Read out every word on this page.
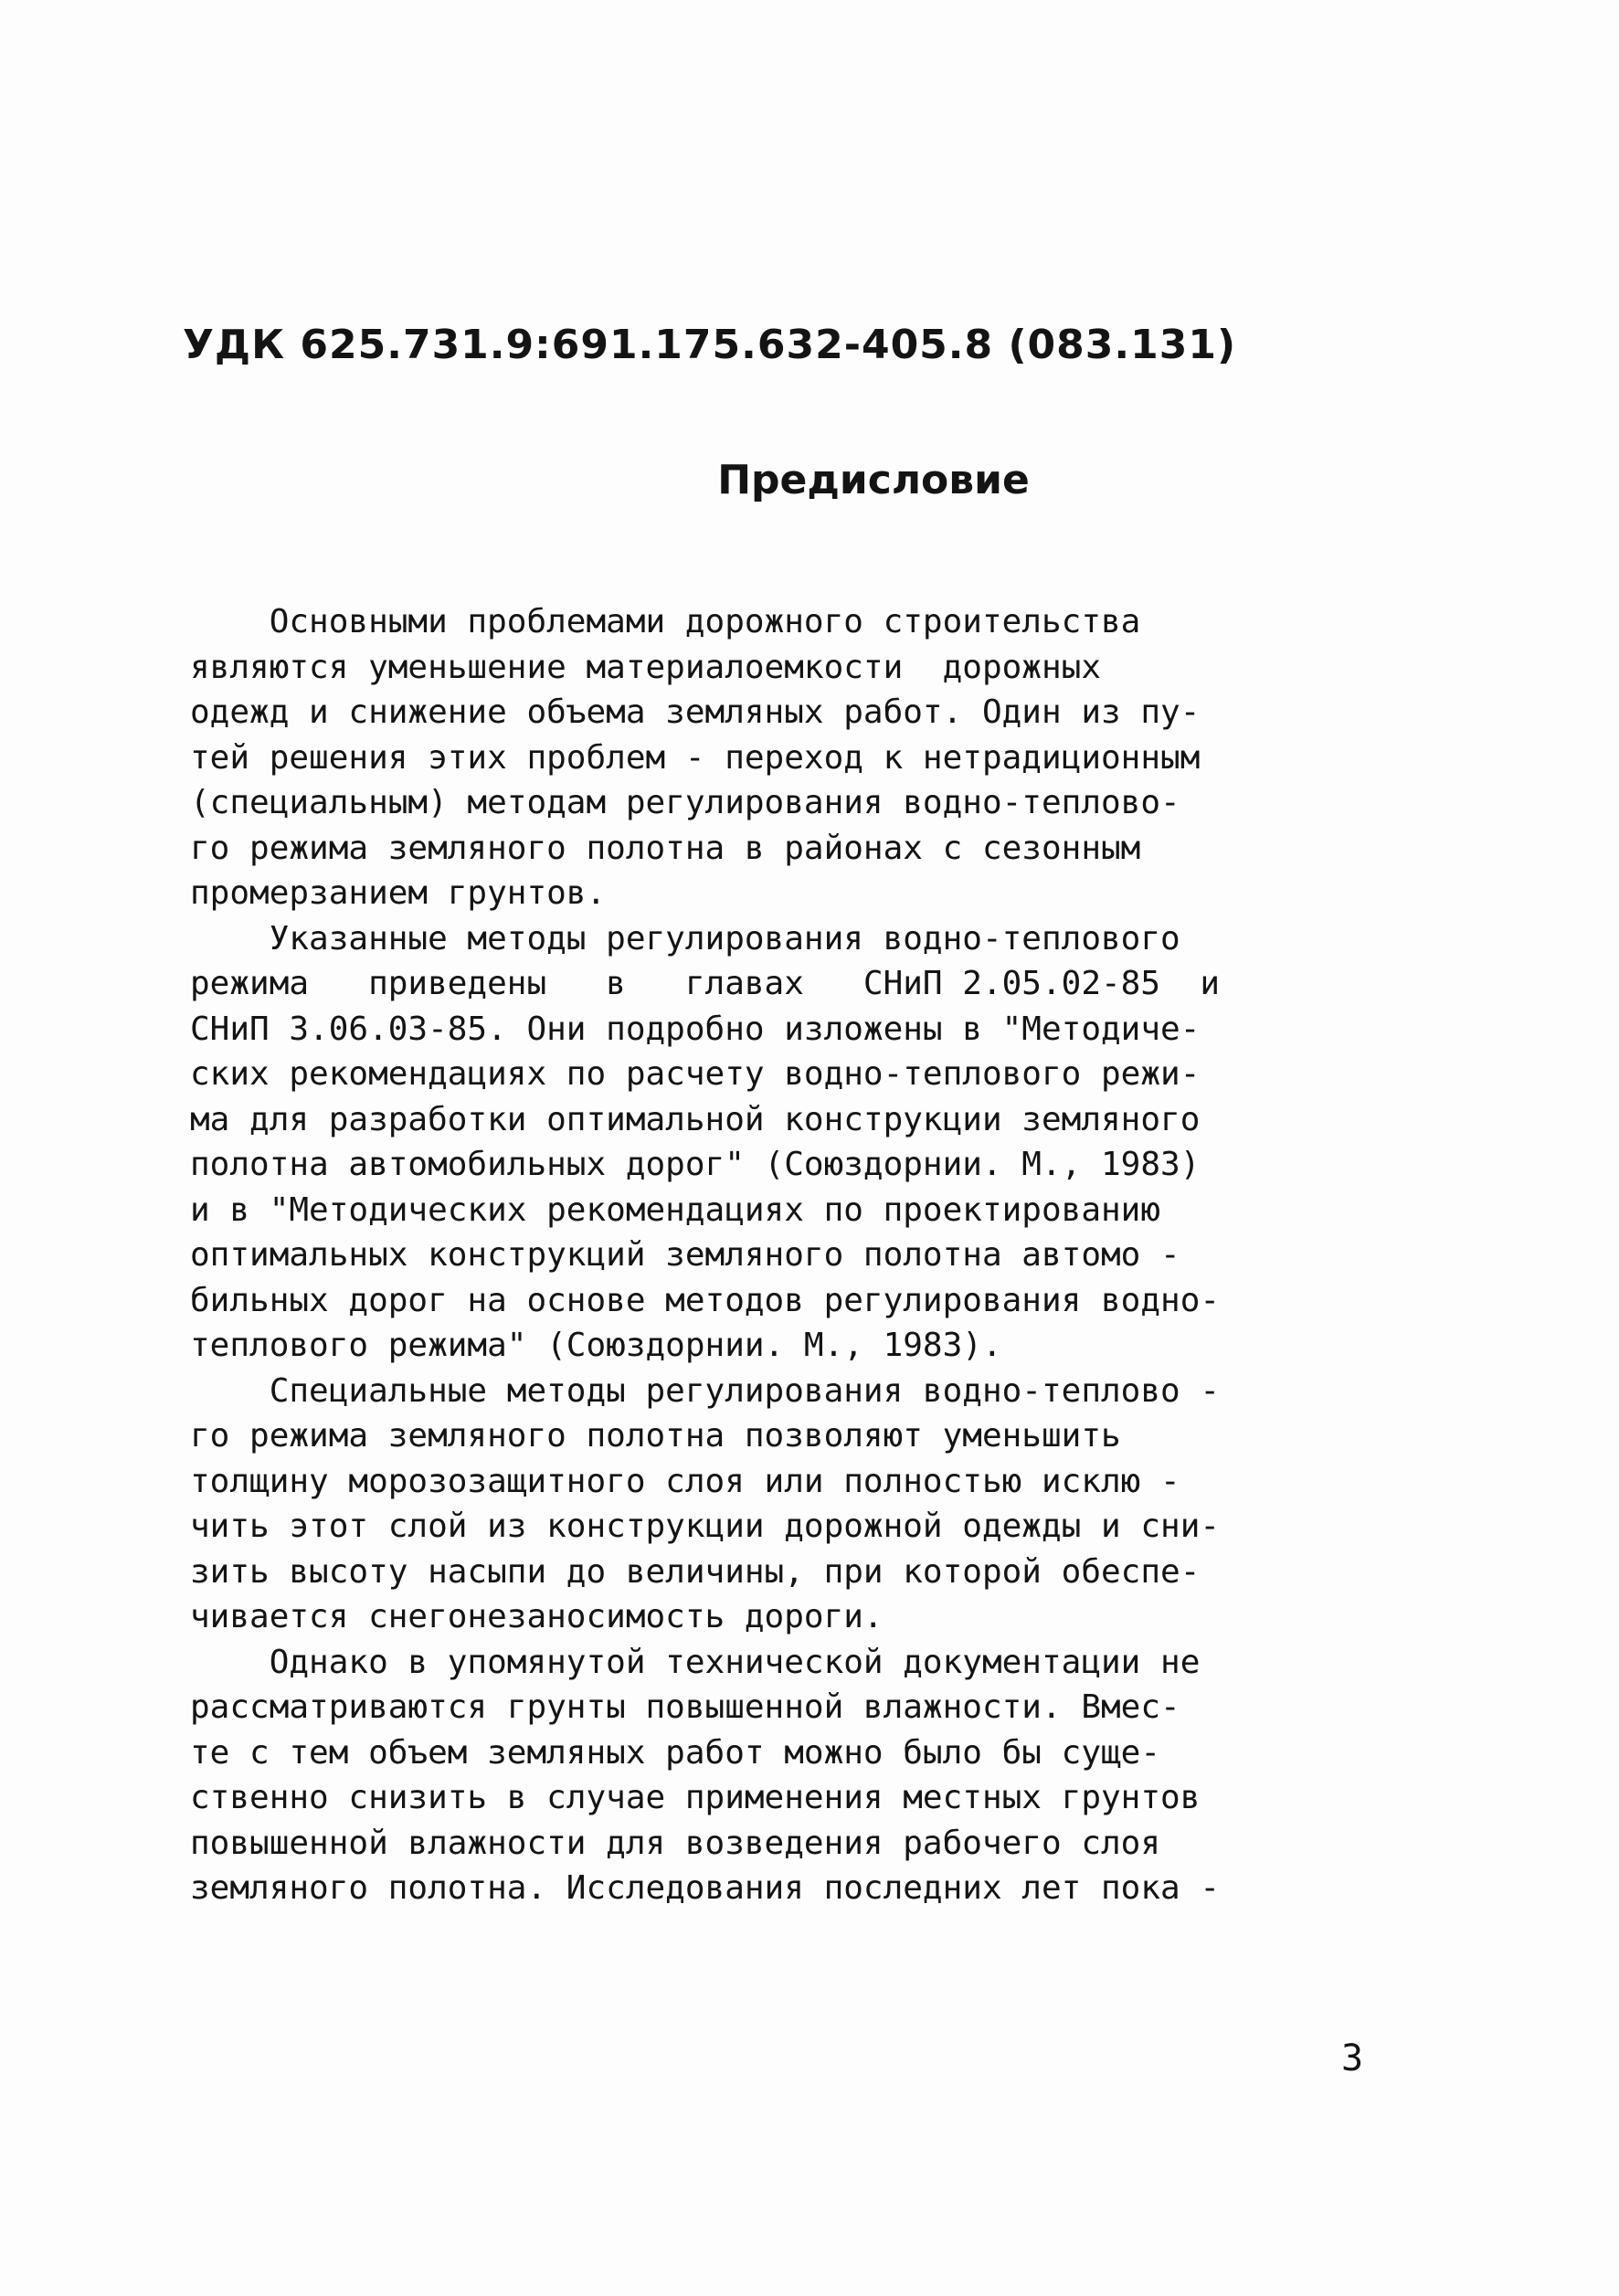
УДК 625.731.9:691.175.632-405.8 (083.131)
Предисловие
Основными проблемами дорожного строительства
являются уменьшение материалоемкости  дорожных
одежд и снижение объема земляных работ. Один из пу-
тей решения этих проблем - переход к нетрадиционным
(специальным) методам регулирования водно-теплово-
го режима земляного полотна в районах с сезонным
промерзанием грунтов.
Указанные методы регулирования водно-теплового
режима   приведены   в   главах   СНиП 2.05.02-85  и
СНиП 3.06.03-85. Они подробно изложены в "Методиче-
ских рекомендациях по расчету водно-теплового режи-
ма для разработки оптимальной конструкции земляного
полотна автомобильных дорог" (Союздорнии. М., 1983)
и в "Методических рекомендациях по проектированию
оптимальных конструкций земляного полотна автомо -
бильных дорог на основе методов регулирования водно-
теплового режима" (Союздорнии. М., 1983).
Специальные методы регулирования водно-теплово -
го режима земляного полотна позволяют уменьшить
толщину морозозащитного слоя или полностью исклю -
чить этот слой из конструкции дорожной одежды и сни-
зить высоту насыпи до величины, при которой обеспе-
чивается снегонезаносимость дороги.
Однако в упомянутой технической документации не
рассматриваются грунты повышенной влажности. Вмес-
те с тем объем земляных работ можно было бы суще-
ственно снизить в случае применения местных грунтов
повышенной влажности для возведения рабочего слоя
земляного полотна. Исследования последних лет пока -
3
